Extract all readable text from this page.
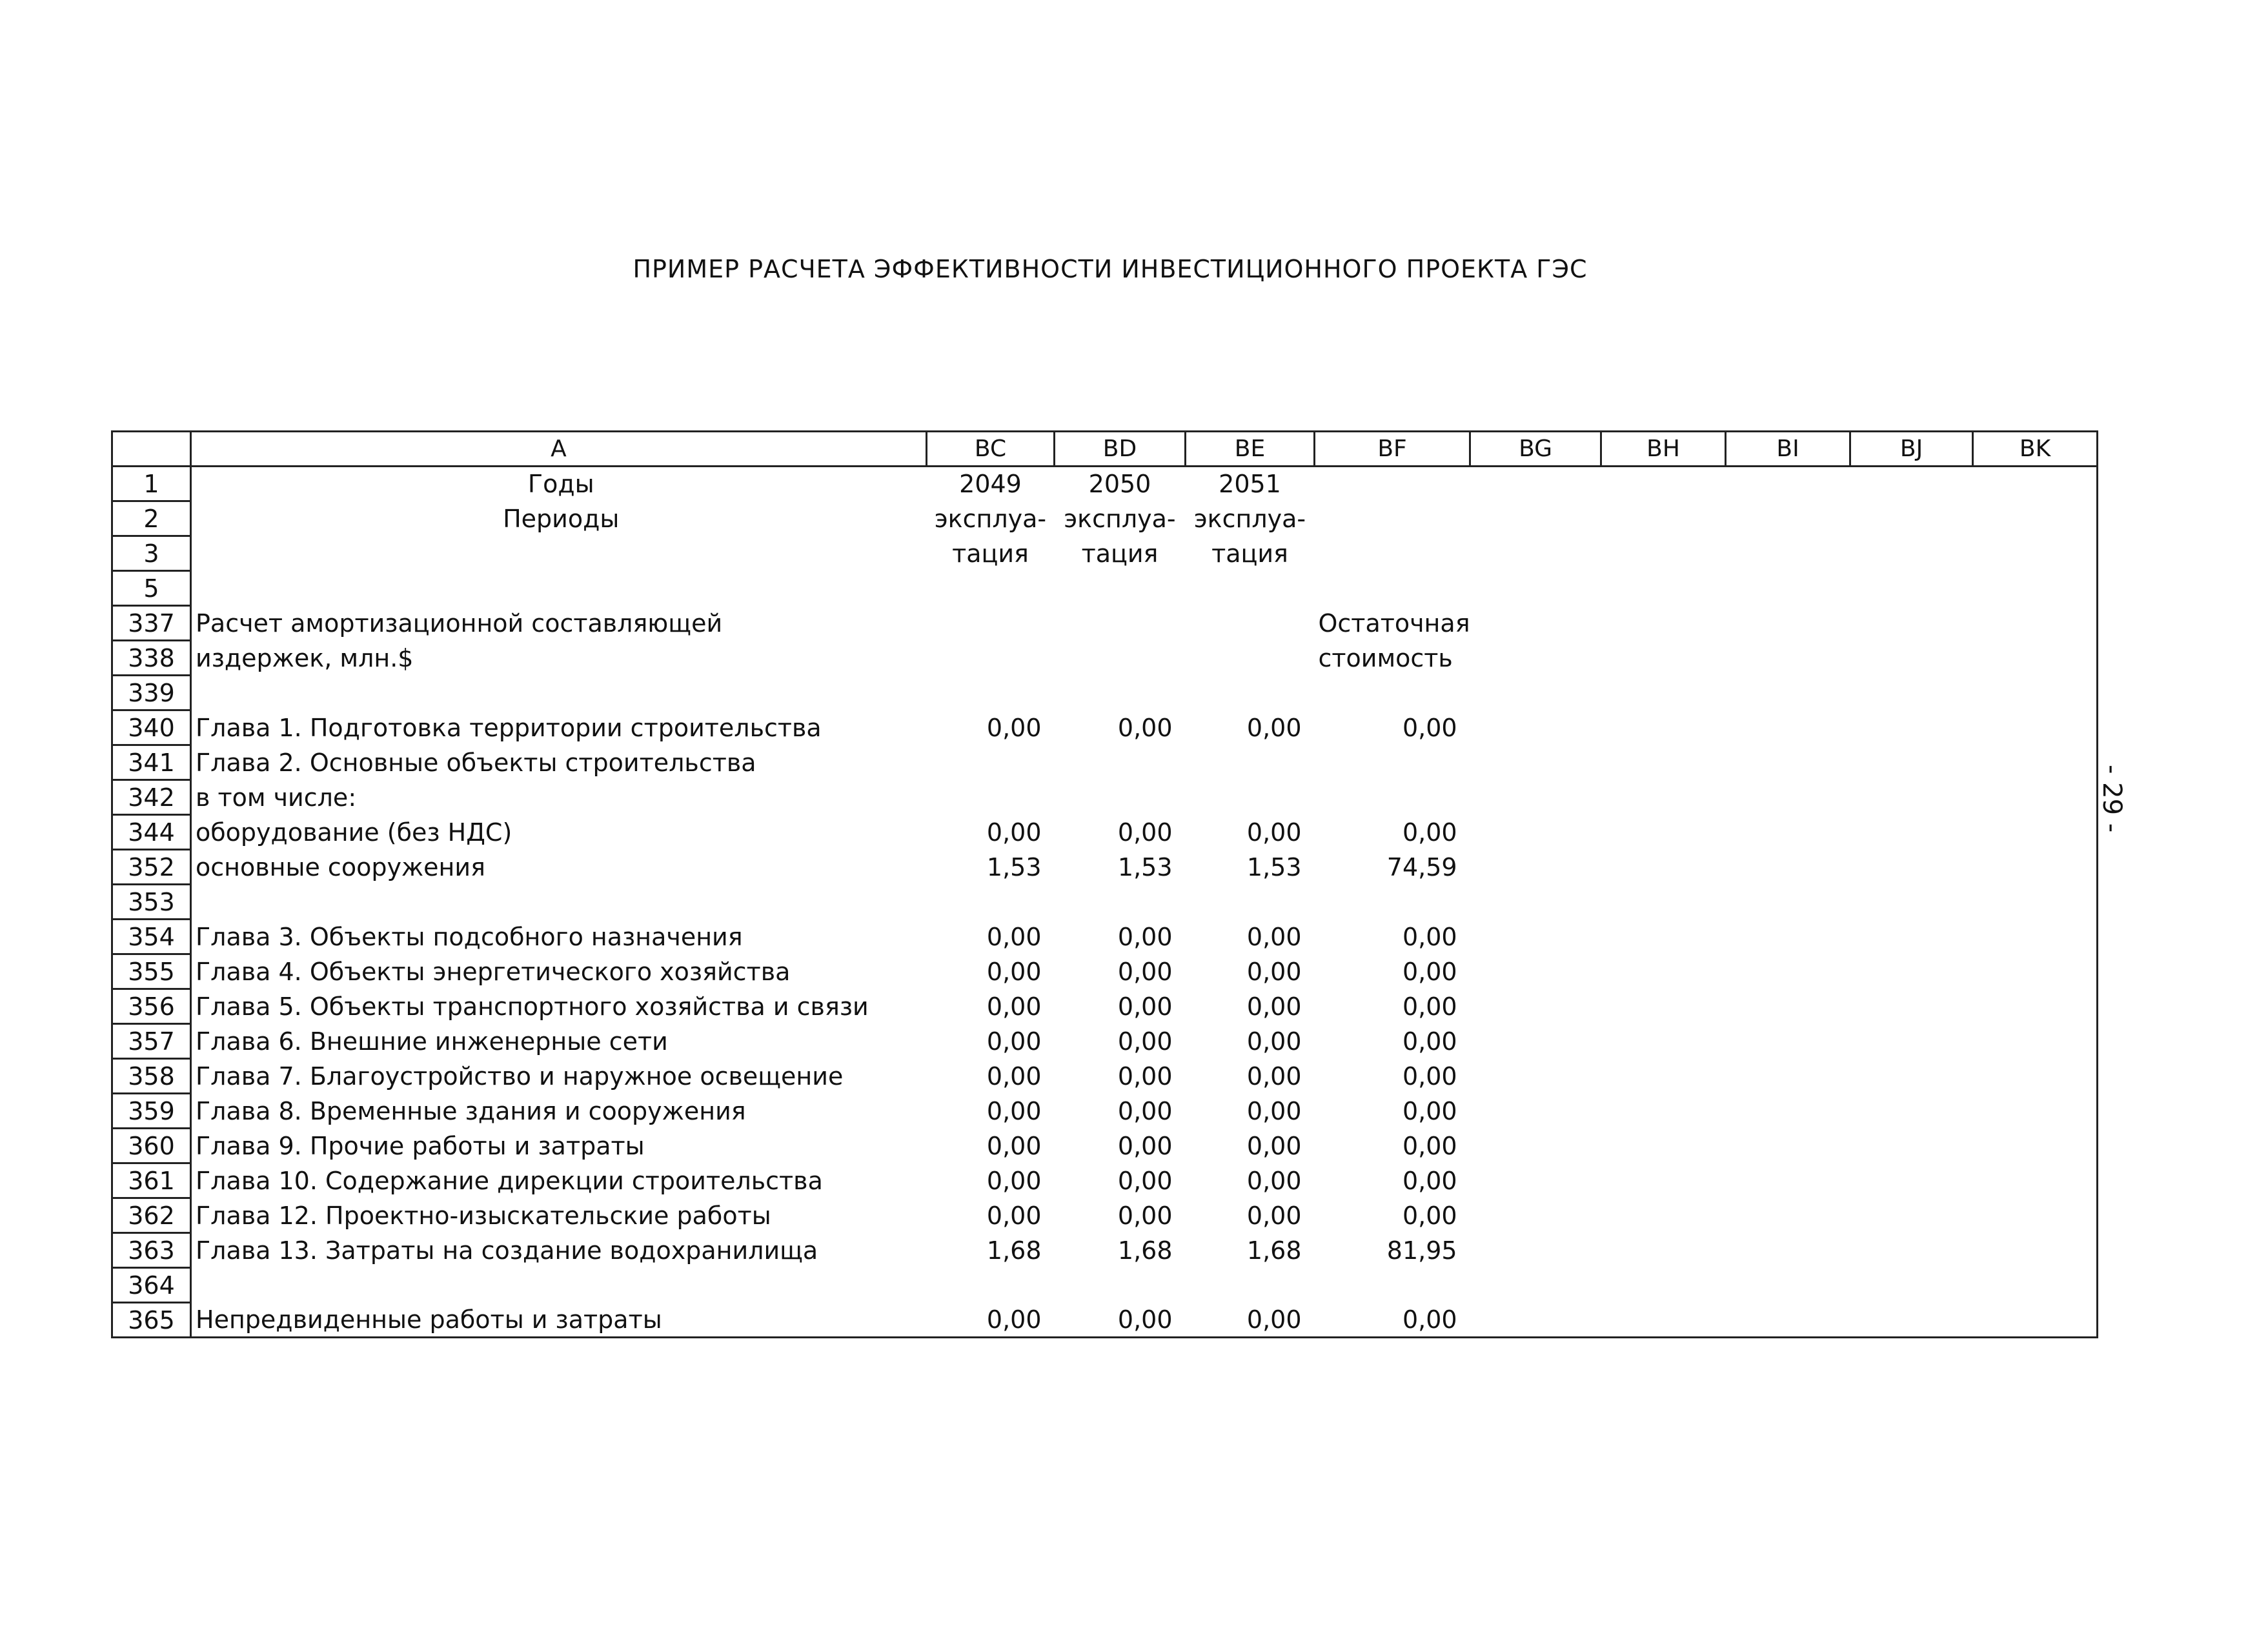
ПРИМЕР РАСЧЕТА ЭФФЕКТИВНОСТИ ИНВЕСТИЦИОННОГО ПРОЕКТА ГЭС
- 29 -
	A	BC	BD	BE	BF	BG	BH	BI	BJ	BK
1	Годы	2049	2050	2051						
2	Периоды	эксплуа-	эксплуа-	эксплуа-						
3		тация	тация	тация						
5										
337	Расчет амортизационной составляющей				Остаточная					
338	издержек, млн.$				стоимость					
339										
340	Глава 1. Подготовка территории строительства	0,00	0,00	0,00	0,00					
341	Глава 2. Основные объекты строительства									
342	в том числе:									
344	оборудование (без НДС)	0,00	0,00	0,00	0,00					
352	основные сооружения	1,53	1,53	1,53	74,59					
353										
354	Глава 3. Объекты подсобного назначения	0,00	0,00	0,00	0,00					
355	Глава 4. Объекты энергетического хозяйства	0,00	0,00	0,00	0,00					
356	Глава 5. Объекты транспортного хозяйства и связи	0,00	0,00	0,00	0,00					
357	Глава 6. Внешние инженерные сети	0,00	0,00	0,00	0,00					
358	Глава 7. Благоустройство и наружное освещение	0,00	0,00	0,00	0,00					
359	Глава 8. Временные здания и сооружения	0,00	0,00	0,00	0,00					
360	Глава 9. Прочие работы и затраты	0,00	0,00	0,00	0,00					
361	Глава 10. Содержание дирекции строительства	0,00	0,00	0,00	0,00					
362	Глава 12. Проектно-изыскательские работы	0,00	0,00	0,00	0,00					
363	Глава 13. Затраты на создание водохранилища	1,68	1,68	1,68	81,95					
364										
365	Непредвиденные работы и затраты	0,00	0,00	0,00	0,00					
